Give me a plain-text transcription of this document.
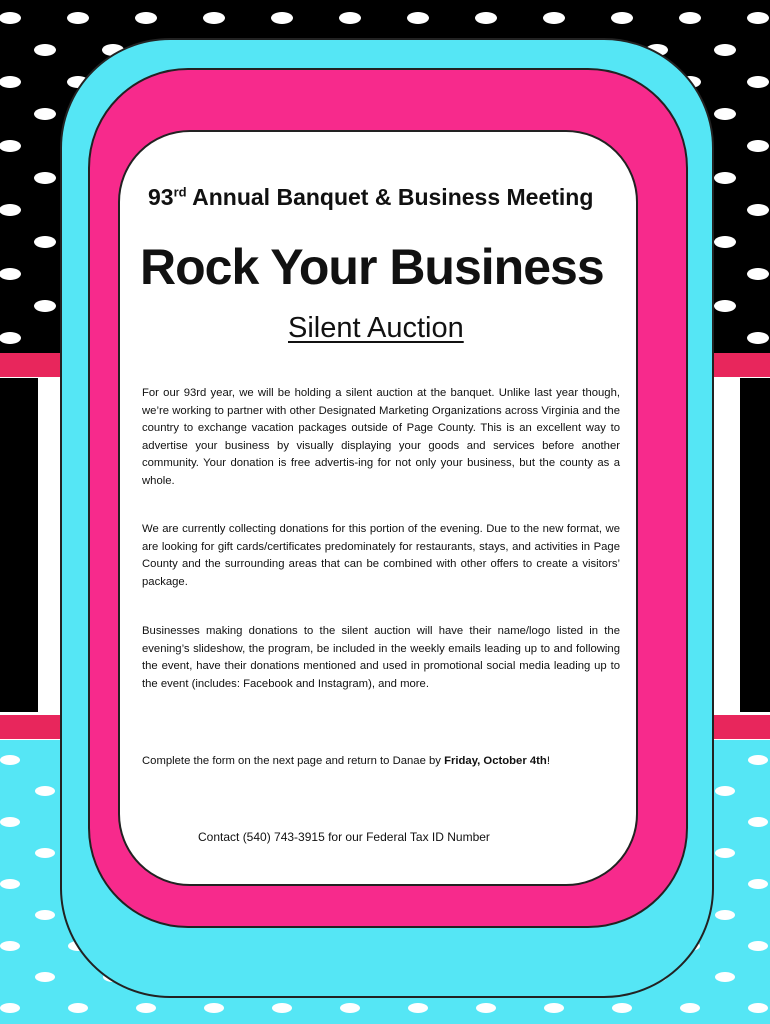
93rd Annual Banquet & Business Meeting
Rock Your Business
Silent Auction

For our 93rd year, we will be holding a silent auction at the banquet. Unlike last year though, we’re working to partner with other Designated Marketing Organizations across Virginia and the country to exchange vacation packages outside of Page County. This is an excellent way to advertise your business by visually displaying your goods and services before another community. Your donation is free advertis-ing for not only your business, but the county as a whole.

We are currently collecting donations for this portion of the evening. Due to the new format, we are looking for gift cards/certificates predominately for restaurants, stays, and activities in Page County and the surrounding areas that can be combined with other offers to create a visitors’ package.

Businesses making donations to the silent auction will have their name/logo listed in the evening’s slideshow, the program, be included in the weekly emails leading up to and following the event, have their donations mentioned and used in promotional social media leading up to the event (includes: Facebook and Instagram), and more.

Complete the form on the next page and return to Danae by Friday, October 4th!

Contact (540) 743-3915 for our Federal Tax ID Number
